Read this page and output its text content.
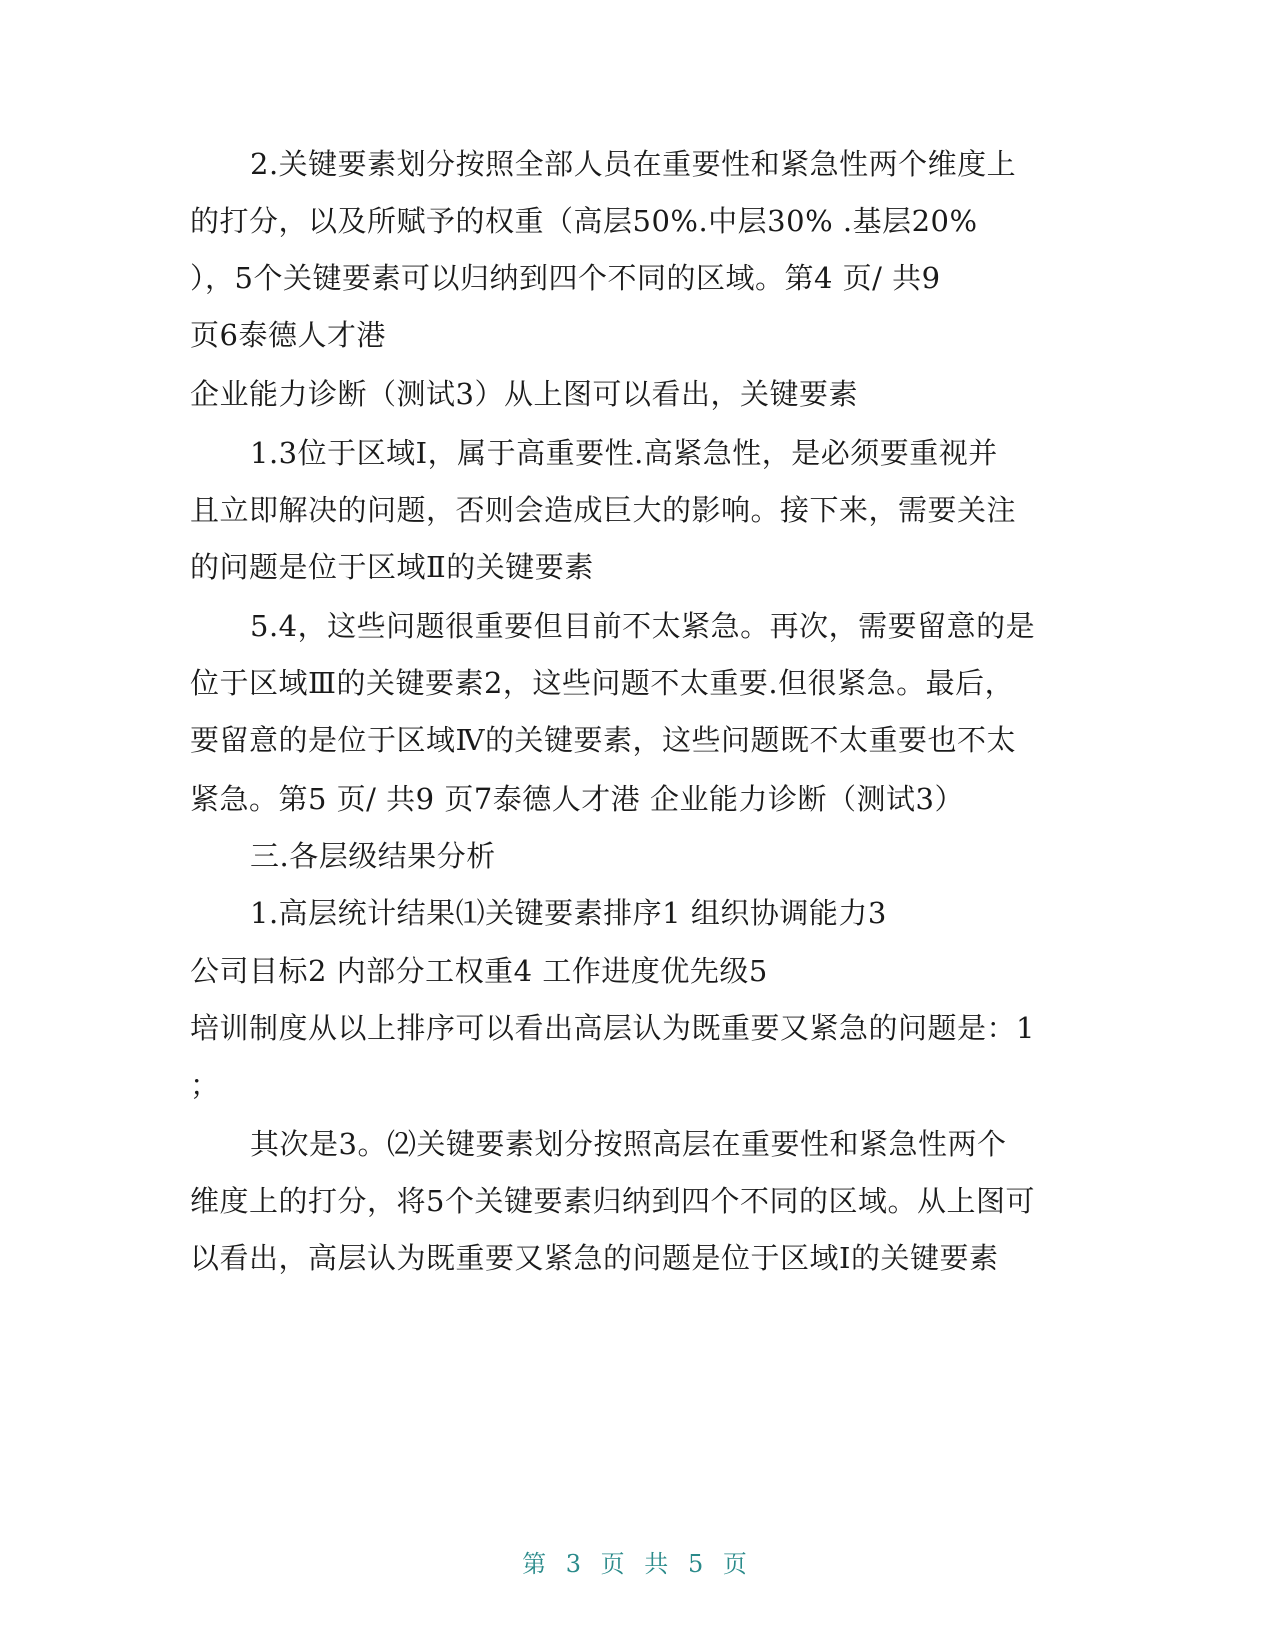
2.关键要素划分按照全部人员在重要性和紧急性两个维度上
的打分，以及所赋予的权重（高层50%.中层30% .基层20%
），5个关键要素可以归纳到四个不同的区域。第4 页/ 共9
页6泰德人才港
企业能力诊断（测试3）从上图可以看出，关键要素
1.3位于区域Ⅰ，属于高重要性.高紧急性，是必须要重视并
且立即解决的问题，否则会造成巨大的影响。接下来，需要关注
的问题是位于区域Ⅱ的关键要素
5.4，这些问题很重要但目前不太紧急。再次，需要留意的是
位于区域Ⅲ的关键要素2，这些问题不太重要.但很紧急。最后，
要留意的是位于区域Ⅳ的关键要素，这些问题既不太重要也不太
紧急。第5 页/ 共9 页7泰德人才港 企业能力诊断（测试3）
三.各层级结果分析
1.高层统计结果⑴关键要素排序1 组织协调能力3
公司目标2 内部分工权重4 工作进度优先级5
培训制度从以上排序可以看出高层认为既重要又紧急的问题是：1
；
其次是3。⑵关键要素划分按照高层在重要性和紧急性两个
维度上的打分，将5个关键要素归纳到四个不同的区域。从上图可
以看出，高层认为既重要又紧急的问题是位于区域Ⅰ的关键要素
第 3 页 共 5 页
